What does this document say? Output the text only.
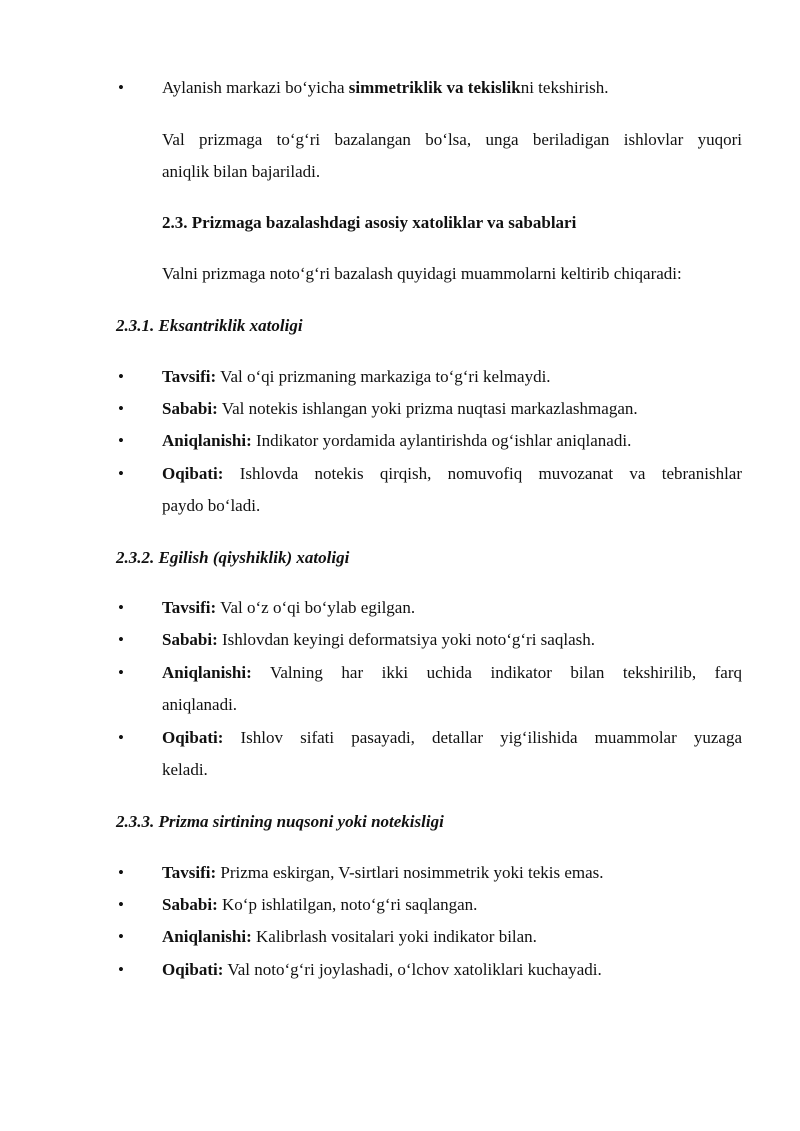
•	Aylanish markazi bo‘yicha simmetriklik va tekislikni tekshirish.
Val prizmaga to‘g‘ri bazalangan bo‘lsa, unga beriladigan ishlovlar yuqori
aniqlik bilan bajariladi.
2.3. Prizmaga bazalashdagi asosiy xatoliklar va sabablari
Valni prizmaga noto‘g‘ri bazalash quyidagi muammolarni keltirib chiqaradi:
2.3.1. Eksantriklik xatoligi
•	Tavsifi: Val o‘qi prizmaning markaziga to‘g‘ri kelmaydi.
•	Sababi: Val notekis ishlangan yoki prizma nuqtasi markazlashmagan.
•	Aniqlanishi: Indikator yordamida aylantirishda og‘ishlar aniqlanadi.
•	Oqibati: Ishlovda notekis qirqish, nomuvofiq muvozanat va tebranishlar
paydo bo‘ladi.
2.3.2. Egilish (qiyshiklik) xatoligi
•	Tavsifi: Val o‘z o‘qi bo‘ylab egilgan.
•	Sababi: Ishlovdan keyingi deformatsiya yoki noto‘g‘ri saqlash.
•	Aniqlanishi: Valning har ikki uchida indikator bilan tekshirilib, farq
aniqlanadi.
•	Oqibati: Ishlov sifati pasayadi, detallar yig‘ilishida muammolar yuzaga
keladi.
2.3.3. Prizma sirtining nuqsoni yoki notekisligi
•	Tavsifi: Prizma eskirgan, V-sirtlari nosimmetrik yoki tekis emas.
•	Sababi: Ko‘p ishlatilgan, noto‘g‘ri saqlangan.
•	Aniqlanishi: Kalibrlash vositalari yoki indikator bilan.
•	Oqibati: Val noto‘g‘ri joylashadi, o‘lchov xatoliklari kuchayadi.
